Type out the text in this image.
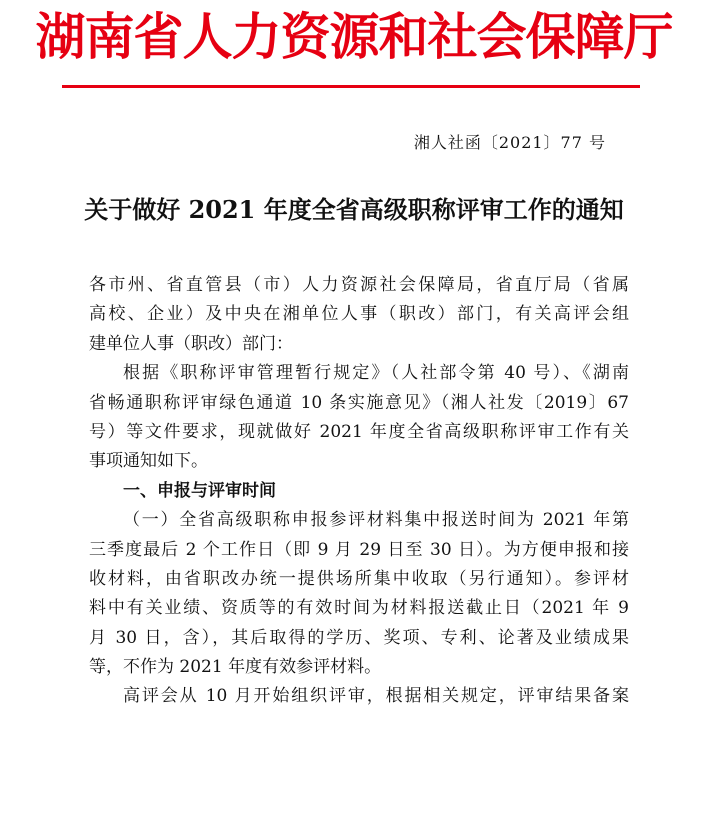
湖南省人力资源和社会保障厅
湘人社函〔2021〕77 号
关于做好 2021 年度全省高级职称评审工作的通知
各市州、省直管县（市）人力资源社会保障局，省直厅局（省属
高校、企业）及中央在湘单位人事（职改）部门，有关高评会组
建单位人事（职改）部门：
根据《职称评审管理暂行规定》（人社部令第 40 号）、《湖南
省畅通职称评审绿色通道 10 条实施意见》（湘人社发〔2019〕67
号）等文件要求，现就做好 2021 年度全省高级职称评审工作有关
事项通知如下。
一、申报与评审时间
（一）全省高级职称申报参评材料集中报送时间为 2021 年第
三季度最后 2 个工作日（即 9 月 29 日至 30 日）。为方便申报和接
收材料，由省职改办统一提供场所集中收取（另行通知）。参评材
料中有关业绩、资质等的有效时间为材料报送截止日（2021 年 9
月 30 日，含），其后取得的学历、奖项、专利、论著及业绩成果
等，不作为 2021 年度有效参评材料。
高评会从 10 月开始组织评审，根据相关规定，评审结果备案
